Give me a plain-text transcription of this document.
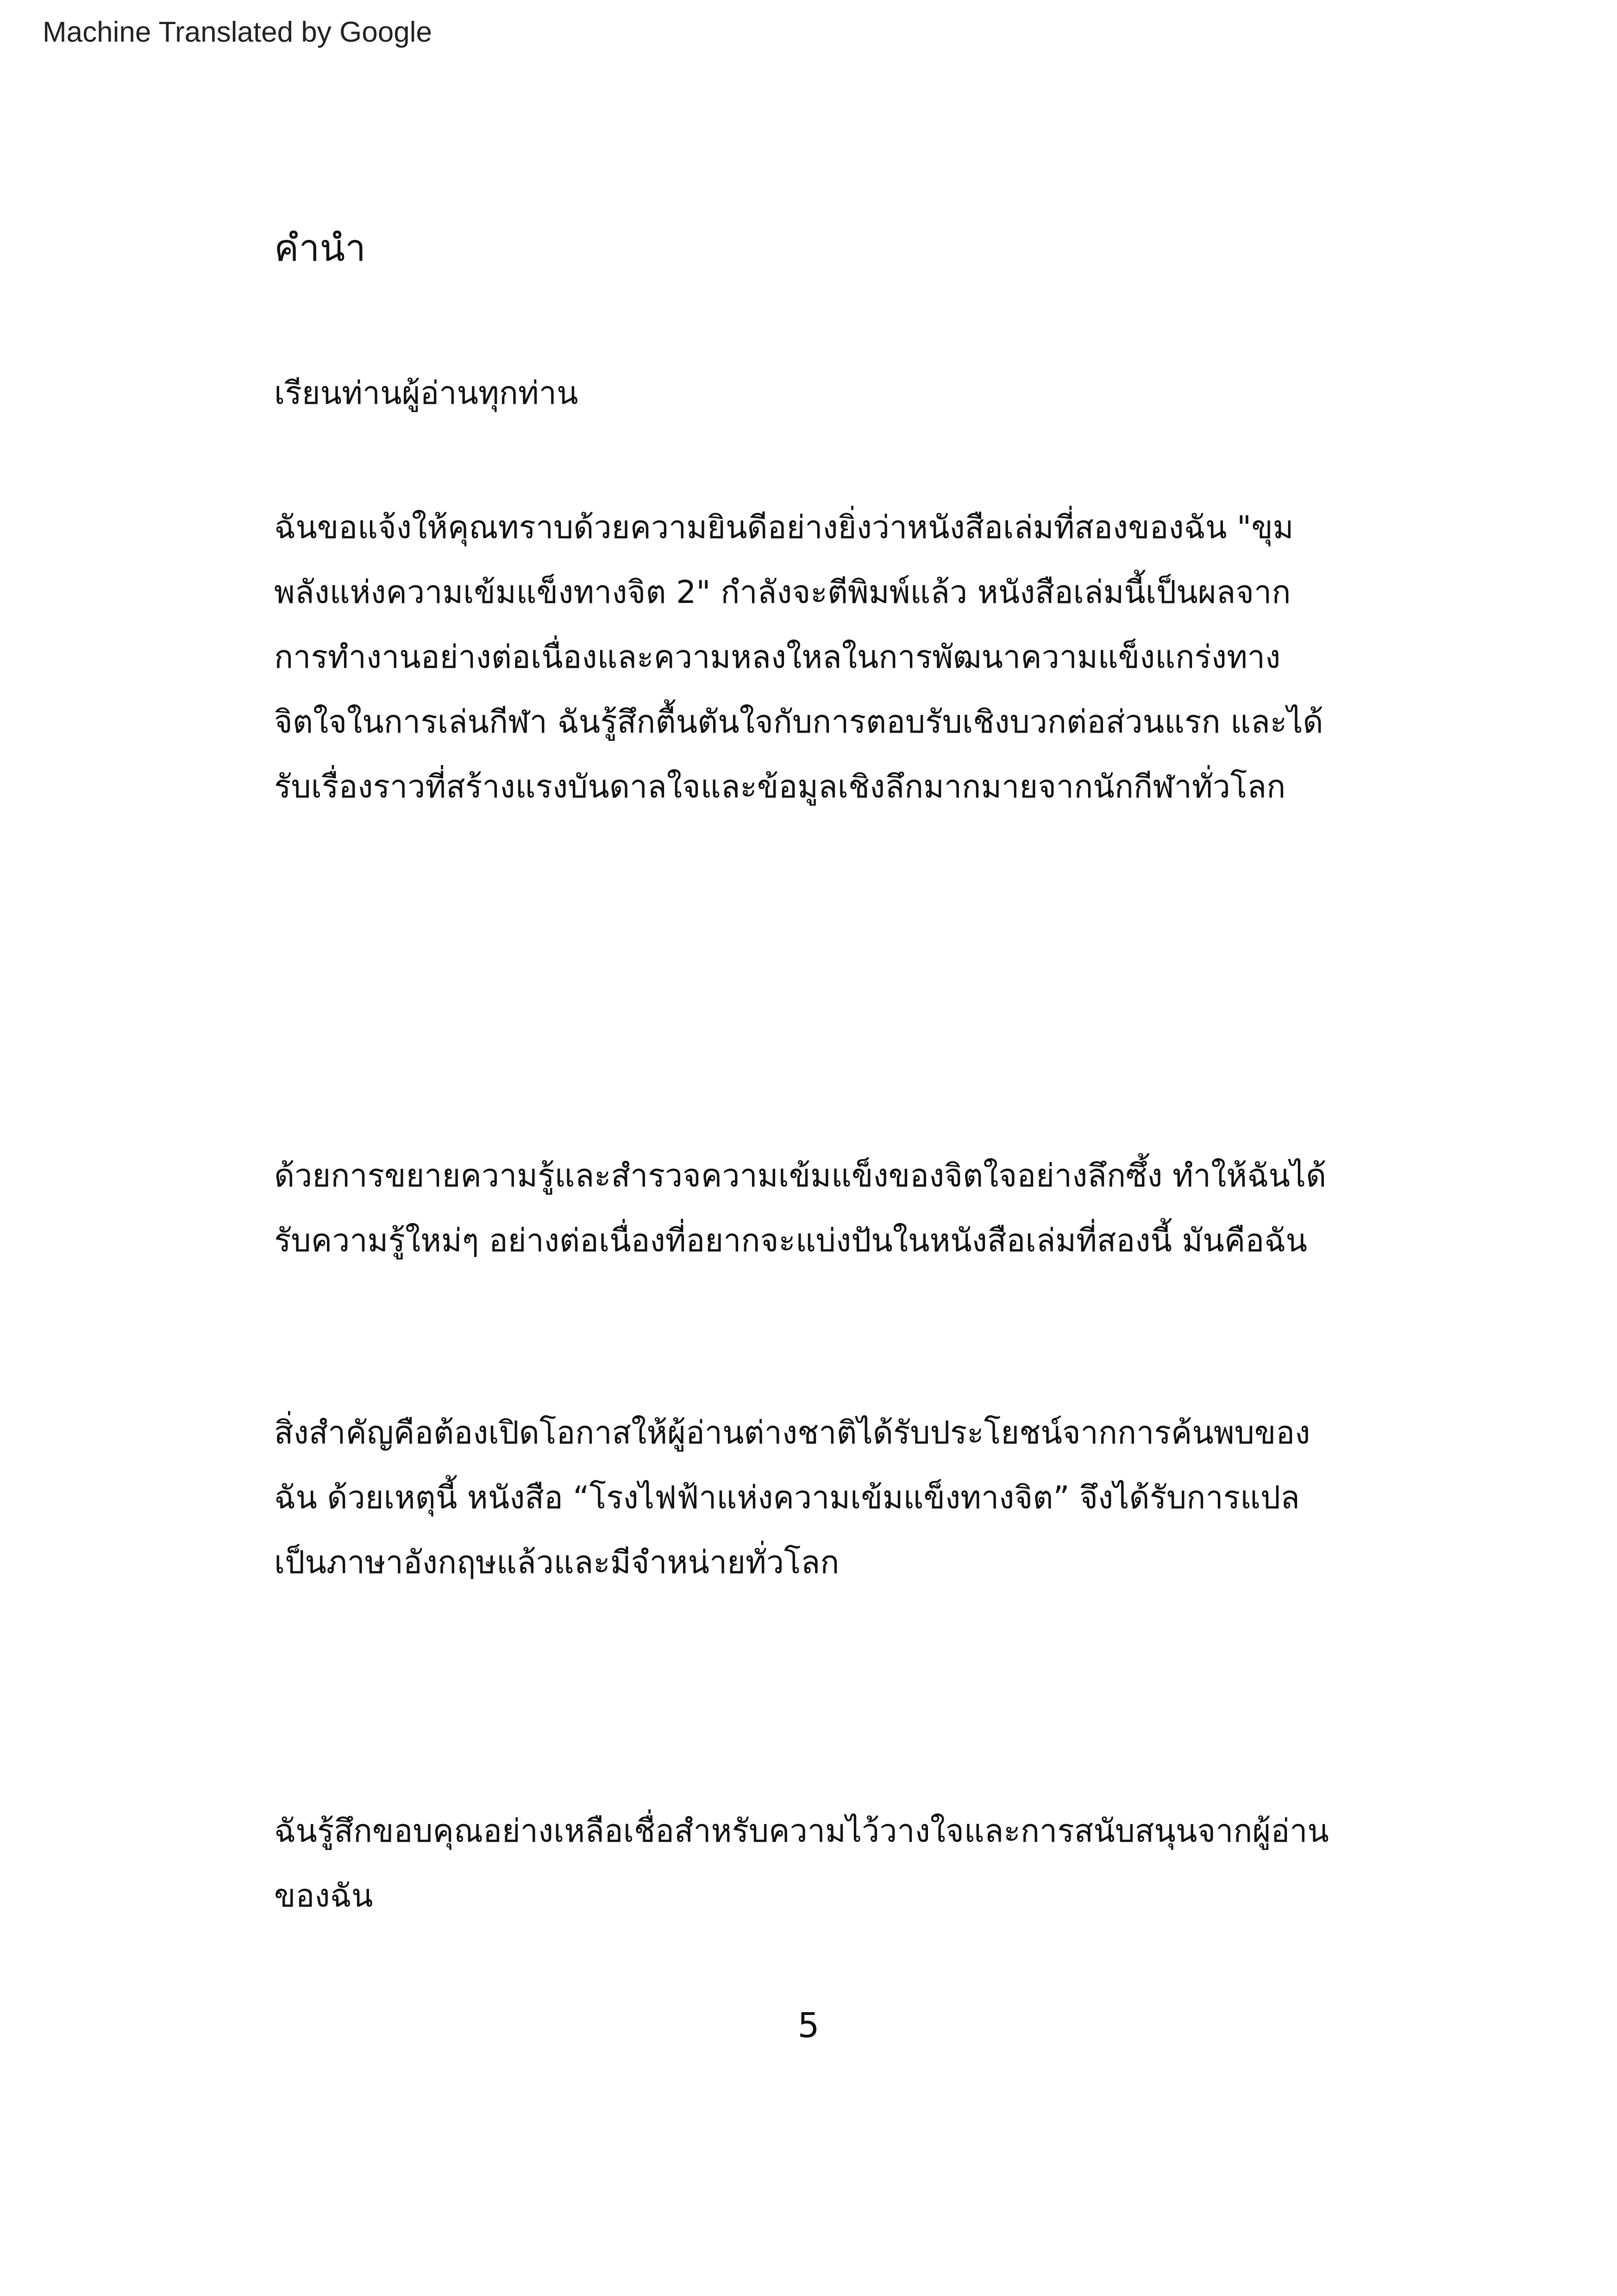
Machine Translated by Google
คำนำ
เรียนท่านผู้อ่านทุกท่าน
ฉันขอแจ้งให้คุณทราบด้วยความยินดีอย่างยิ่งว่าหนังสือเล่มที่สองของฉัน "ขุม
พลังแห่งความเข้มแข็งทางจิต 2" กำลังจะตีพิมพ์แล้ว หนังสือเล่มนี้เป็นผลจาก
การทำงานอย่างต่อเนื่องและความหลงใหลในการพัฒนาความแข็งแกร่งทาง
จิตใจในการเล่นกีฬา ฉันรู้สึกตื้นตันใจกับการตอบรับเชิงบวกต่อส่วนแรก และได้
รับเรื่องราวที่สร้างแรงบันดาลใจและข้อมูลเชิงลึกมากมายจากนักกีฬาทั่วโลก
ด้วยการขยายความรู้และสำรวจความเข้มแข็งของจิตใจอย่างลึกซึ้ง ทำให้ฉันได้
รับความรู้ใหม่ๆ อย่างต่อเนื่องที่อยากจะแบ่งปันในหนังสือเล่มที่สองนี้ มันคือฉัน
สิ่งสำคัญคือต้องเปิดโอกาสให้ผู้อ่านต่างชาติได้รับประโยชน์จากการค้นพบของ
ฉัน ด้วยเหตุนี้ หนังสือ “โรงไฟฟ้าแห่งความเข้มแข็งทางจิต” จึงได้รับการแปล
เป็นภาษาอังกฤษแล้วและมีจำหน่ายทั่วโลก
ฉันรู้สึกขอบคุณอย่างเหลือเชื่อสำหรับความไว้วางใจและการสนับสนุนจากผู้อ่าน
ของฉัน
5
